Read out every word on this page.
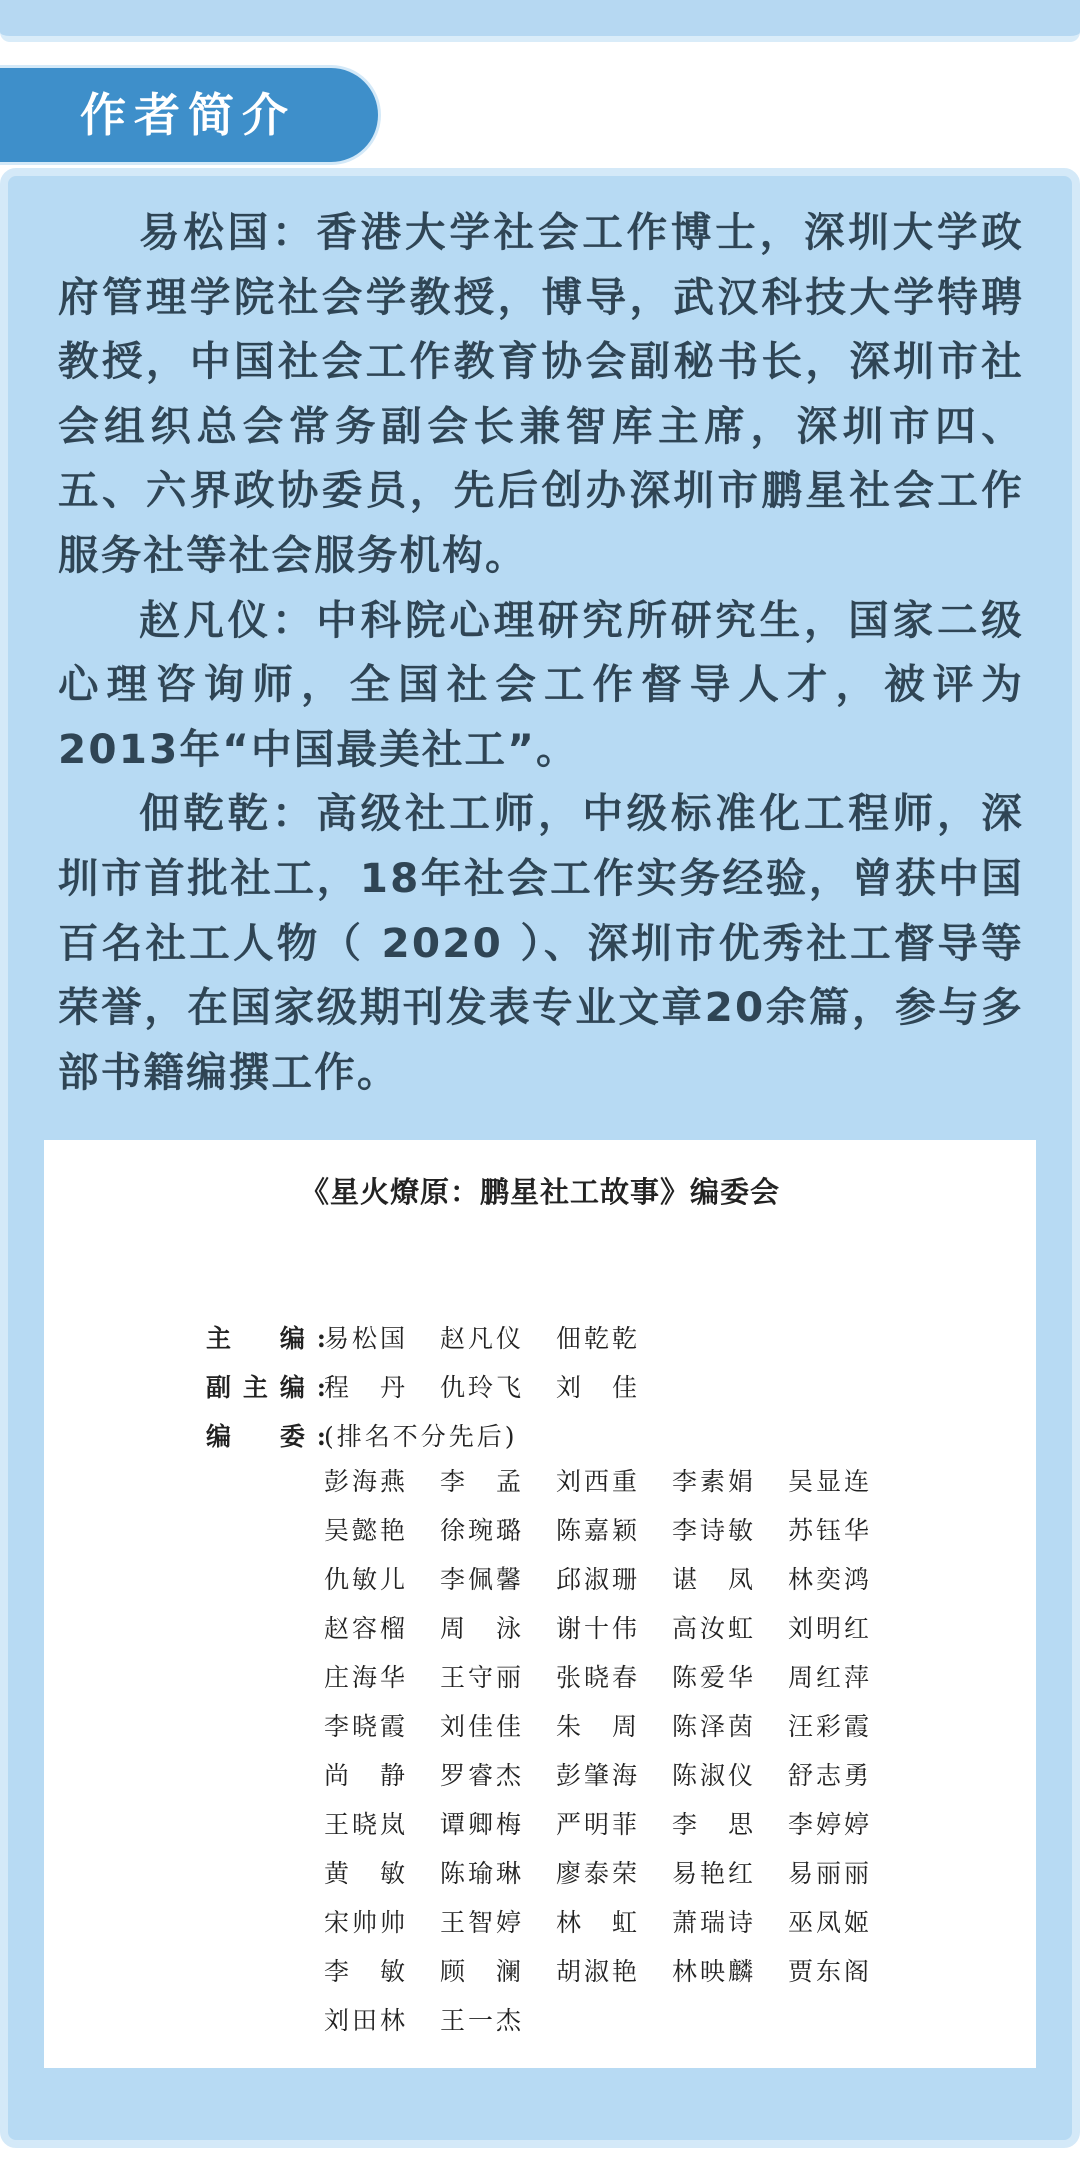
作者简介

易松国：香港大学社会工作博士，深圳大学政府管理学院社会学教授，博导，武汉科技大学特聘教授，中国社会工作教育协会副秘书长，深圳市社会组织总会常务副会长兼智库主席，深圳市四、五、六界政协委员，先后创办深圳市鹏星社会工作服务社等社会服务机构。

赵凡仪：中科院心理研究所研究生，国家二级心理咨询师，全国社会工作督导人才，被评为2013年“中国最美社工”。

佃乾乾：高级社工师，中级标准化工程师，深圳市首批社工，18年社会工作实务经验，曾获中国百名社工人物（ 2020 ）、深圳市优秀社工督导等荣誉，在国家级期刊发表专业文章20余篇，参与多部书籍编撰工作。

《星火燎原：鹏星社工故事》编委会
主　编:
易松国	赵凡仪	佃乾乾
副主编:
程　丹	仇玲飞	刘　佳
编　委:
(排名不分先后)
彭海燕	李　孟	刘西重	李素娟	吴显连
吴懿艳	徐琬璐	陈嘉颖	李诗敏	苏钰华
仇敏儿	李佩馨	邱淑珊	谌　凤	林奕鸿
赵容榴	周　泳	谢十伟	高汝虹	刘明红
庄海华	王守丽	张晓春	陈爱华	周红萍
李晓霞	刘佳佳	朱　周	陈泽茵	汪彩霞
尚　静	罗睿杰	彭肇海	陈淑仪	舒志勇
王晓岚	谭卿梅	严明菲	李　思	李婷婷
黄　敏	陈瑜琳	廖泰荣	易艳红	易丽丽
宋帅帅	王智婷	林　虹	萧瑞诗	巫凤姬
李　敏	顾　澜	胡淑艳	林映麟	贾东阁
刘田林	王一杰
